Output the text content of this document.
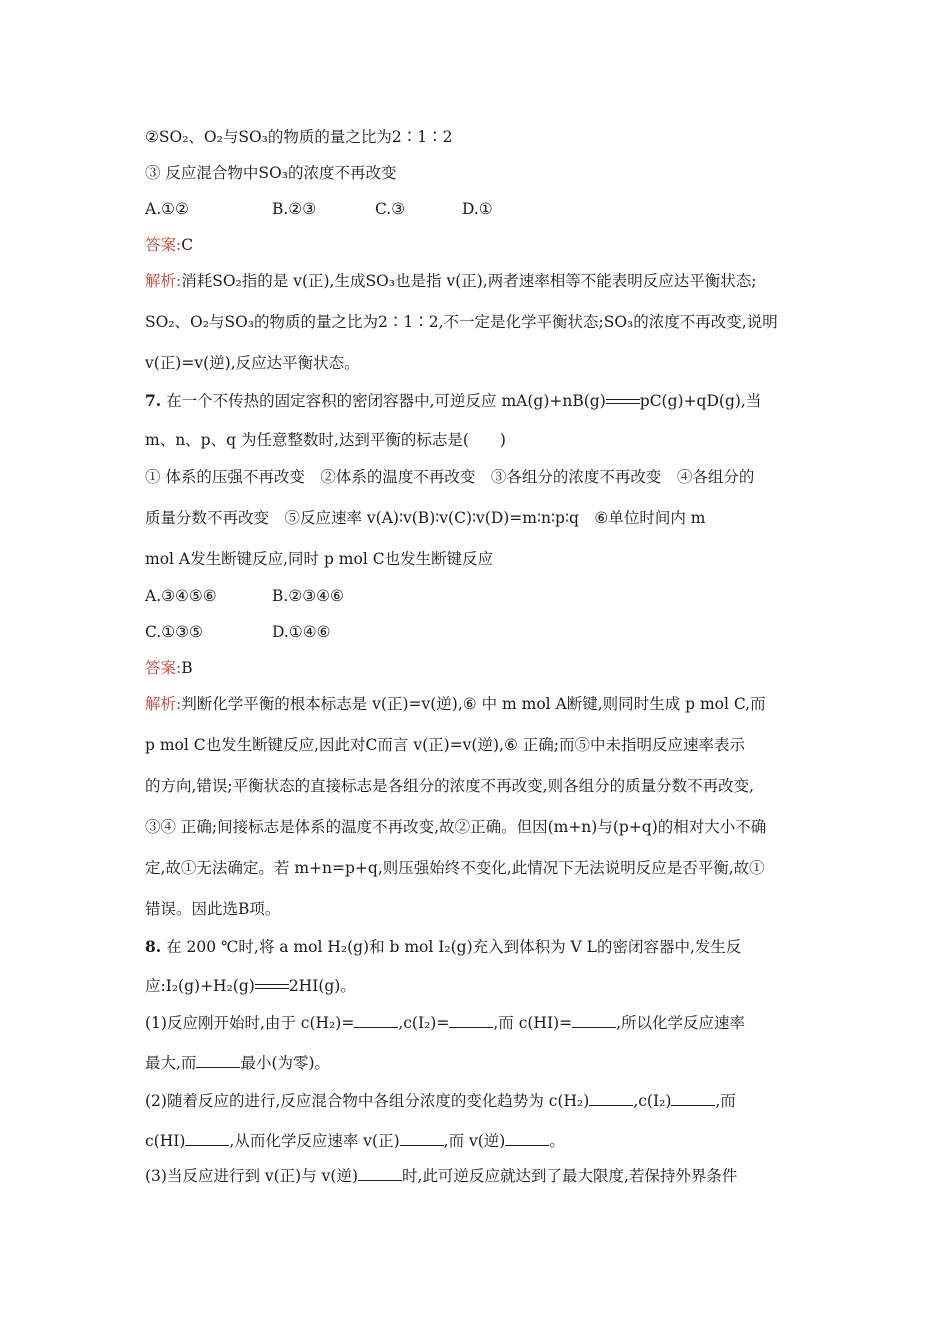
②SO₂、O₂与SO₃的物质的量之比为2∶1∶2
③ 反应混合物中SO₃的浓度不再改变
A.①②	B.②③	C.③	D.①
答案:C
解析:消耗SO₂指的是 v(正),生成SO₃也是指 v(正),两者速率相等不能表明反应达平衡状态;
SO₂、O₂与SO₃的物质的量之比为2∶1∶2,不一定是化学平衡状态;SO₃的浓度不再改变,说明
v(正)=v(逆),反应达平衡状态。
7. 在一个不传热的固定容积的密闭容器中,可逆反应 mA(g)+nB(g) pC(g)+qD(g),当
m、n、p、q 为任意整数时,达到平衡的标志是(　　)
① 体系的压强不再改变　②体系的温度不再改变　③各组分的浓度不再改变　④各组分的
质量分数不再改变　⑤反应速率 v(A)∶v(B)∶v(C)∶v(D)=m∶n∶p∶q　⑥单位时间内 m
mol A发生断键反应,同时 p mol C也发生断键反应
A.③④⑤⑥	B.②③④⑥
C.①③⑤	D.①④⑥
答案:B
解析:判断化学平衡的根本标志是 v(正)=v(逆),⑥ 中 m mol A断键,则同时生成 p mol C,而
p mol C也发生断键反应,因此对C而言 v(正)=v(逆),⑥ 正确;而⑤中未指明反应速率表示
的方向,错误;平衡状态的直接标志是各组分的浓度不再改变,则各组分的质量分数不再改变,
③④ 正确;间接标志是体系的温度不再改变,故②正确。但因(m+n)与(p+q)的相对大小不确
定,故①无法确定。若 m+n=p+q,则压强始终不变化,此情况下无法说明反应是否平衡,故①
错误。因此选B项。
8. 在 200 ℃时,将 a mol H₂(g)和 b mol I₂(g)充入到体积为 V L的密闭容器中,发生反
应:I₂(g)+H₂(g) 2HI(g)。
(1)反应刚开始时,由于 c(H₂)=	,c(I₂)=	,而 c(HI)=	,所以化学反应速率
最大,而	最小(为零)。
(2)随着反应的进行,反应混合物中各组分浓度的变化趋势为 c(H₂)	,c(I₂)	,而
c(HI)	,从而化学反应速率 v(正)	,而 v(逆)	。
(3)当反应进行到 v(正)与 v(逆)	时,此可逆反应就达到了最大限度,若保持外界条件
